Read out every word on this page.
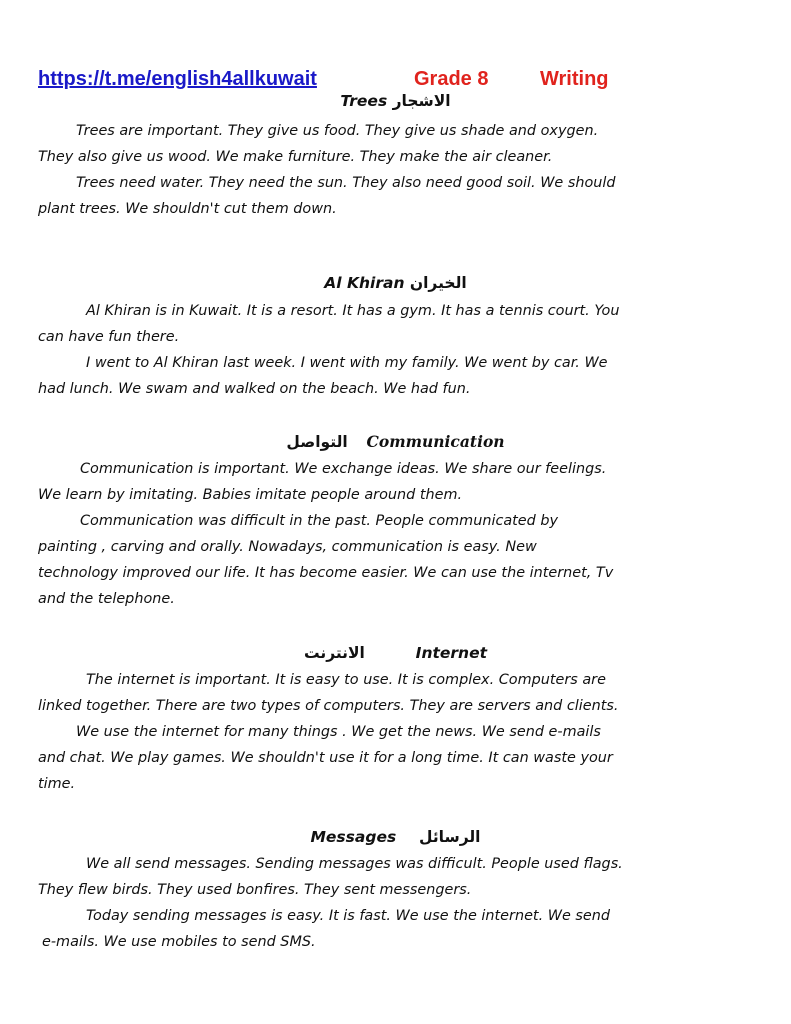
https://t.me/english4allkuwait	Grade 8	Writing
Trees الاشجار
Trees are important. They give us food. They give us shade and oxygen.
They also give us wood. We make furniture. They make the air cleaner.
Trees need water. They need the sun. They also need good soil. We should
plant trees. We shouldn't cut them down.
Al Khiran الخيران
Al Khiran is in Kuwait. It is a resort. It has a gym. It has a tennis court. You
can have fun there.
I went to Al Khiran last week. I went with my family. We went by car. We
had lunch. We swam and walked on the beach. We had fun.
التواصل Communication
Communication is important. We exchange ideas. We share our feelings.
We learn by imitating. Babies imitate people around them.
Communication was difficult in the past. People communicated by
painting , carving and orally. Nowadays, communication is easy. New
technology improved our life. It has become easier. We can use the internet, Tv
and the telephone.
الانترنت	Internet
The internet is important. It is easy to use. It is complex. Computers are
linked together. There are two types of computers. They are servers and clients.
We use the internet for many things . We get the news. We send e-mails
and chat. We play games. We shouldn't use it for a long time. It can waste your
time.
Messages الرسائل
We all send messages. Sending messages was difficult. People used flags.
They flew birds. They used bonfires. They sent messengers.
Today sending messages is easy. It is fast. We use the internet. We send
e-mails. We use mobiles to send SMS.
